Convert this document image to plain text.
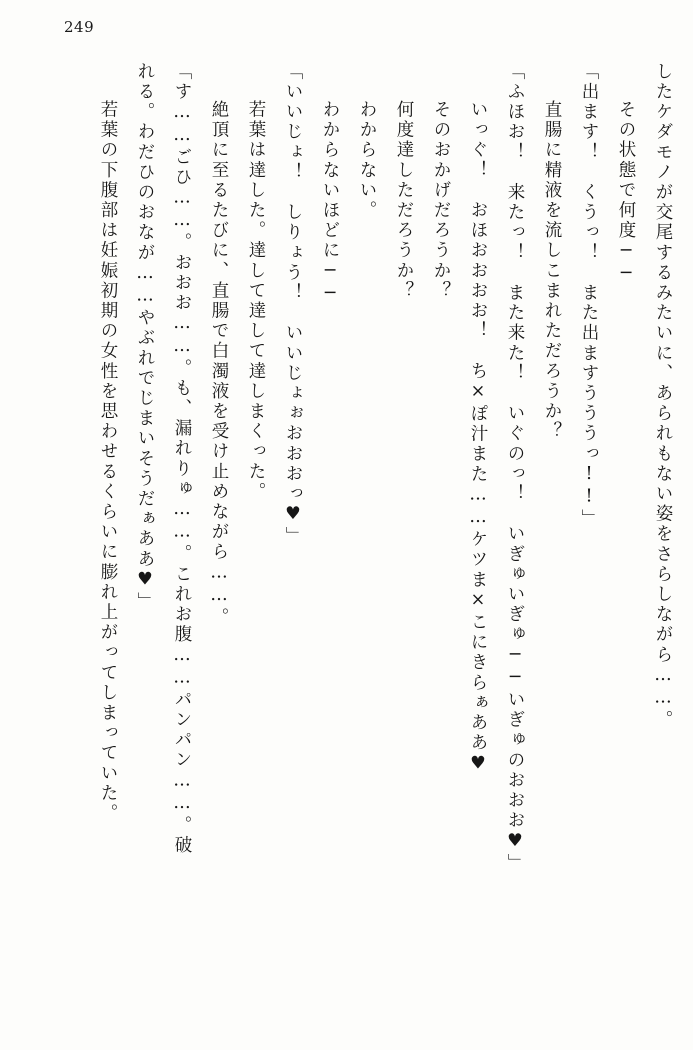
249
したケダモノが交尾するみたいに、あられもない姿をさらしながら……。
　その状態で何度──
「出ます！　くうっ！　また出ますうううっ!!」
　直腸に精液を流しこまれただろうか？
「ふほお！　来たっ！　また来た！　いぐのっ！　いぎゅいぎゅ──いぎゅのおおお♥」
　いっぐ！　おほおおおお！　ち×ぽ汁また……ケツま×こにきらぁああ♥
　そのおかげだろうか？
　何度達しただろうか？
　わからない。
　わからないほどに──
「いいじょ！　しりょう！　いいじょぉおおおっ♥」
　若葉は達した。達して達して達しまくった。
　絶頂に至るたびに、直腸で白濁液を受け止めながら……。
「す……ごひ……。おおお……。も、漏れりゅ……。これお腹……パンパン……。破
れる。わだひのおなが……やぶれでじまいそうだぁああ♥」
　若葉の下腹部は妊娠初期の女性を思わせるくらいに膨れ上がってしまっていた。
